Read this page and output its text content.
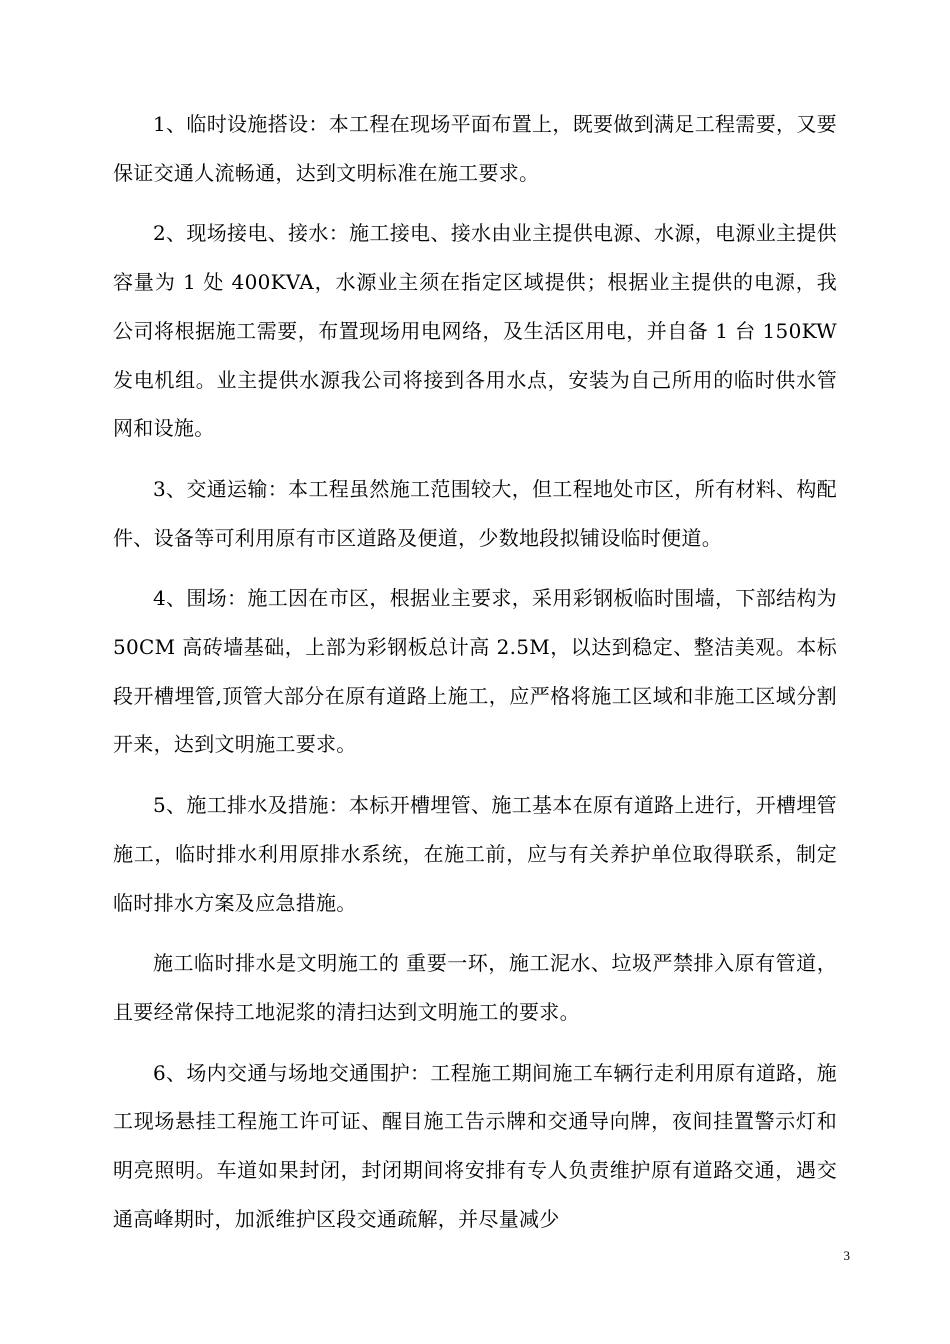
1、临时设施搭设：本工程在现场平面布置上，既要做到满足工程需要，又要保证交通人流畅通，达到文明标准在施工要求。

2、现场接电、接水：施工接电、接水由业主提供电源、水源，电源业主提供容量为 1 处 400KVA，水源业主须在指定区域提供；根据业主提供的电源，我公司将根据施工需要，布置现场用电网络，及生活区用电，并自备 1 台 150KW 发电机组。业主提供水源我公司将接到各用水点，安装为自己所用的临时供水管网和设施。

3、交通运输：本工程虽然施工范围较大，但工程地处市区，所有材料、构配件、设备等可利用原有市区道路及便道，少数地段拟铺设临时便道。

4、围场：施工因在市区，根据业主要求，采用彩钢板临时围墙，下部结构为 50CM 高砖墙基础，上部为彩钢板总计高 2.5M，以达到稳定、整洁美观。本标段开槽埋管,顶管大部分在原有道路上施工，应严格将施工区域和非施工区域分割开来，达到文明施工要求。

5、施工排水及措施：本标开槽埋管、施工基本在原有道路上进行，开槽埋管施工，临时排水利用原排水系统，在施工前，应与有关养护单位取得联系，制定临时排水方案及应急措施。

施工临时排水是文明施工的 重要一环，施工泥水、垃圾严禁排入原有管道，且要经常保持工地泥浆的清扫达到文明施工的要求。

6、场内交通与场地交通围护：工程施工期间施工车辆行走利用原有道路，施工现场悬挂工程施工许可证、醒目施工告示牌和交通导向牌，夜间挂置警示灯和明亮照明。车道如果封闭，封闭期间将安排有专人负责维护原有道路交通，遇交通高峰期时，加派维护区段交通疏解，并尽量减少

3
